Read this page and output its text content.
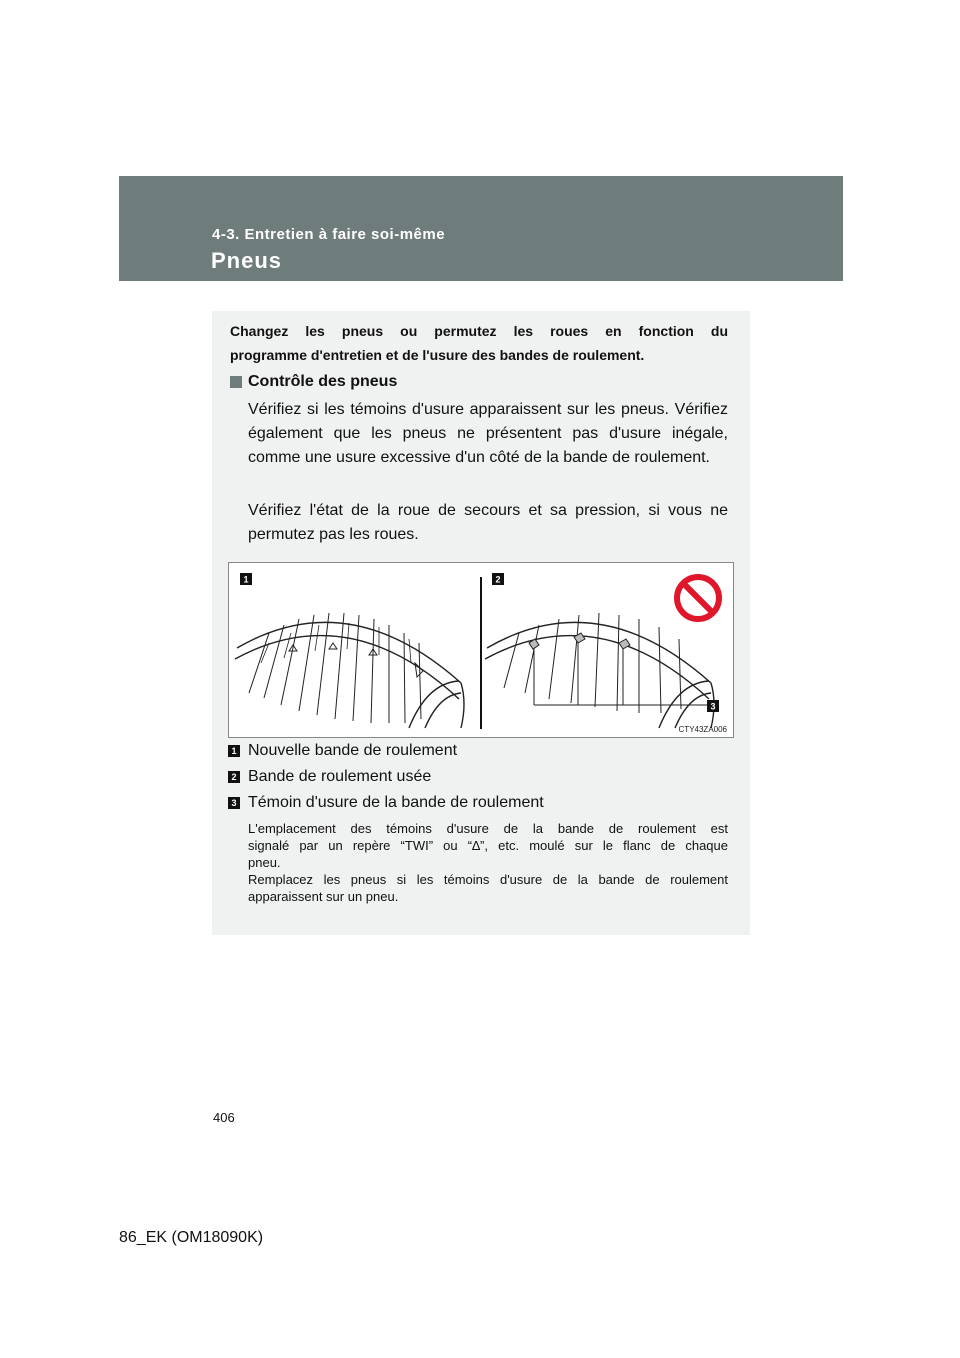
4-3. Entretien à faire soi-même
Pneus
Changez les pneus ou permutez les roues en fonction du
programme d'entretien et de l'usure des bandes de roulement.
Contrôle des pneus
Vérifiez si les témoins d'usure apparaissent sur les pneus. Vérifiez également que les pneus ne présentent pas d'usure inégale, comme une usure excessive d'un côté de la bande de roulement.
Vérifiez l'état de la roue de secours et sa pression, si vous ne permutez pas les roues.
1	2
3
CTY43ZA006
1 Nouvelle bande de roulement
2 Bande de roulement usée
3 Témoin d'usure de la bande de roulement
L'emplacement des témoins d'usure de la bande de roulement est
signalé par un repère “TWI” ou “∆”, etc. moulé sur le flanc de chaque
pneu.
Remplacez les pneus si les témoins d'usure de la bande de roulement
apparaissent sur un pneu.
406
86_EK (OM18090K)
